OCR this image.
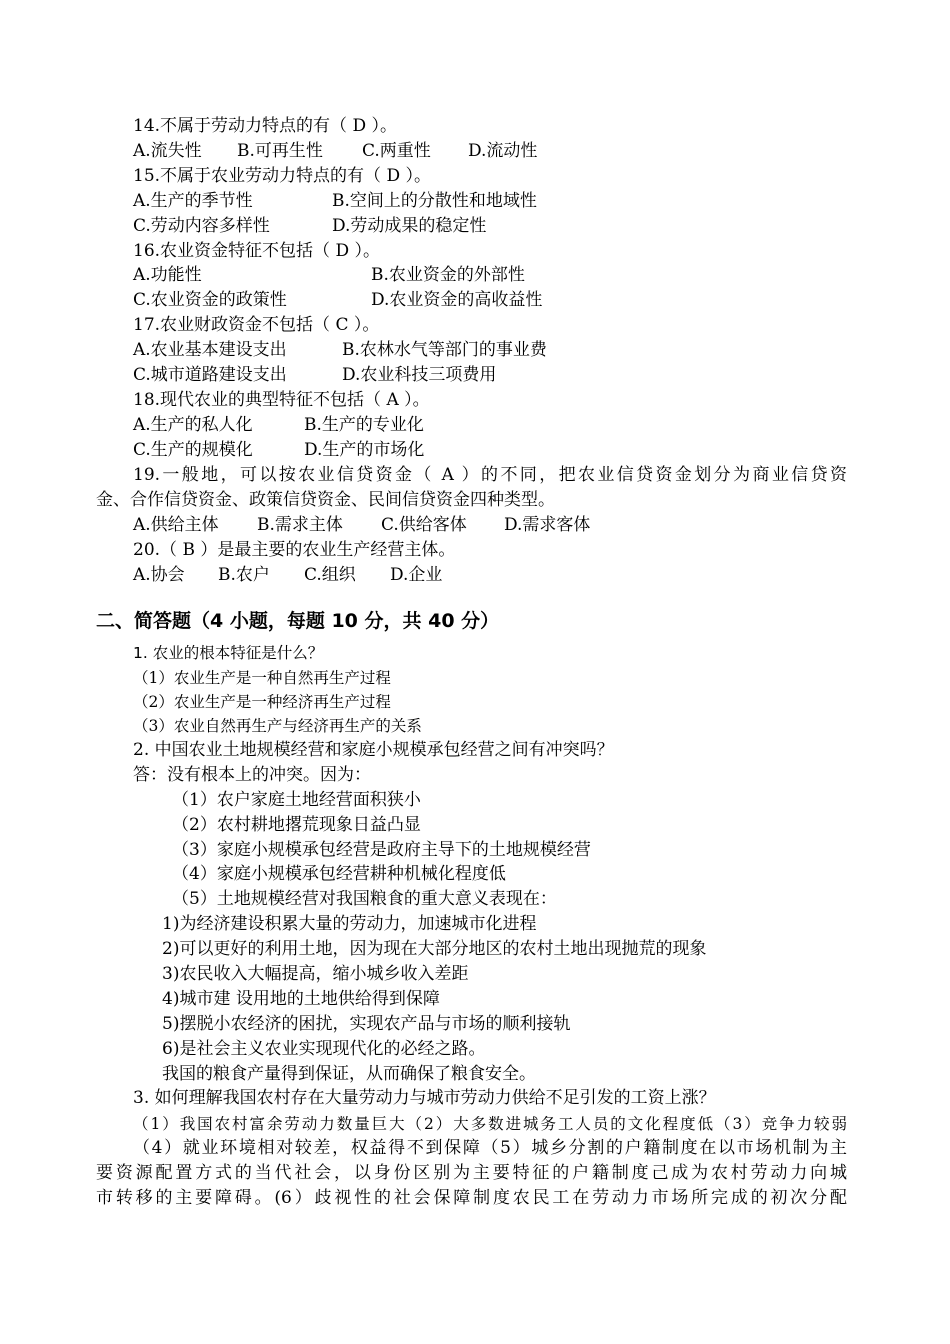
14.不属于劳动力特点的有（ D ）。
A.流失性 B.可再生性 C.两重性 D.流动性
15.不属于农业劳动力特点的有（ D ）。
A.生产的季节性	B.空间上的分散性和地域性
C.劳动内容多样性	D.劳动成果的稳定性
16.农业资金特征不包括（ D ）。
A.功能性	B.农业资金的外部性
C.农业资金的政策性	D.农业资金的高收益性
17.农业财政资金不包括（ C ）。
A.农业基本建设支出	B.农林水气等部门的事业费
C.城市道路建设支出	D.农业科技三项费用
18.现代农业的典型特征不包括（ A ）。
A.生产的私人化	B.生产的专业化
C.生产的规模化	D.生产的市场化
19.一般地，可以按农业信贷资金（ A ）的不同，把农业信贷资金划分为商业信贷资
金、合作信贷资金、政策信贷资金、民间信贷资金四种类型。
A.供给主体 B.需求主体 C.供给客体 D.需求客体
20.（ B ）是最主要的农业生产经营主体。
A.协会 B.农户 C.组织 D.企业
二、简答题（4 小题，每题 10 分，共 40 分）
1. 农业的根本特征是什么？
（1）农业生产是一种自然再生产过程
（2）农业生产是一种经济再生产过程
（3）农业自然再生产与经济再生产的关系
2. 中国农业土地规模经营和家庭小规模承包经营之间有冲突吗？
答：没有根本上的冲突。因为：
（1）农户家庭土地经营面积狭小
（2）农村耕地撂荒现象日益凸显
（3）家庭小规模承包经营是政府主导下的土地规模经营
（4）家庭小规模承包经营耕种机械化程度低
（5）土地规模经营对我国粮食的重大意义表现在：
1)为经济建设积累大量的劳动力，加速城市化进程
2)可以更好的利用土地，因为现在大部分地区的农村土地出现抛荒的现象
3)农民收入大幅提高，缩小城乡收入差距
4)城市建 设用地的土地供给得到保障
5)摆脱小农经济的困扰，实现农产品与市场的顺利接轨
6)是社会主义农业实现现代化的必经之路。
我国的粮食产量得到保证，从而确保了粮食安全。
3. 如何理解我国农村存在大量劳动力与城市劳动力供给不足引发的工资上涨？
（1）我国农村富余劳动力数量巨大（2）大多数进城务工人员的文化程度低（3）竞争力较弱
（4）就业环境相对较差，权益得不到保障（5）城乡分割的户籍制度在以市场机制为主
要资源配置方式的当代社会，以身份区别为主要特征的户籍制度己成为农村劳动力向城
市转移的主要障碍。(6）歧视性的社会保障制度农民工在劳动力市场所完成的初次分配
